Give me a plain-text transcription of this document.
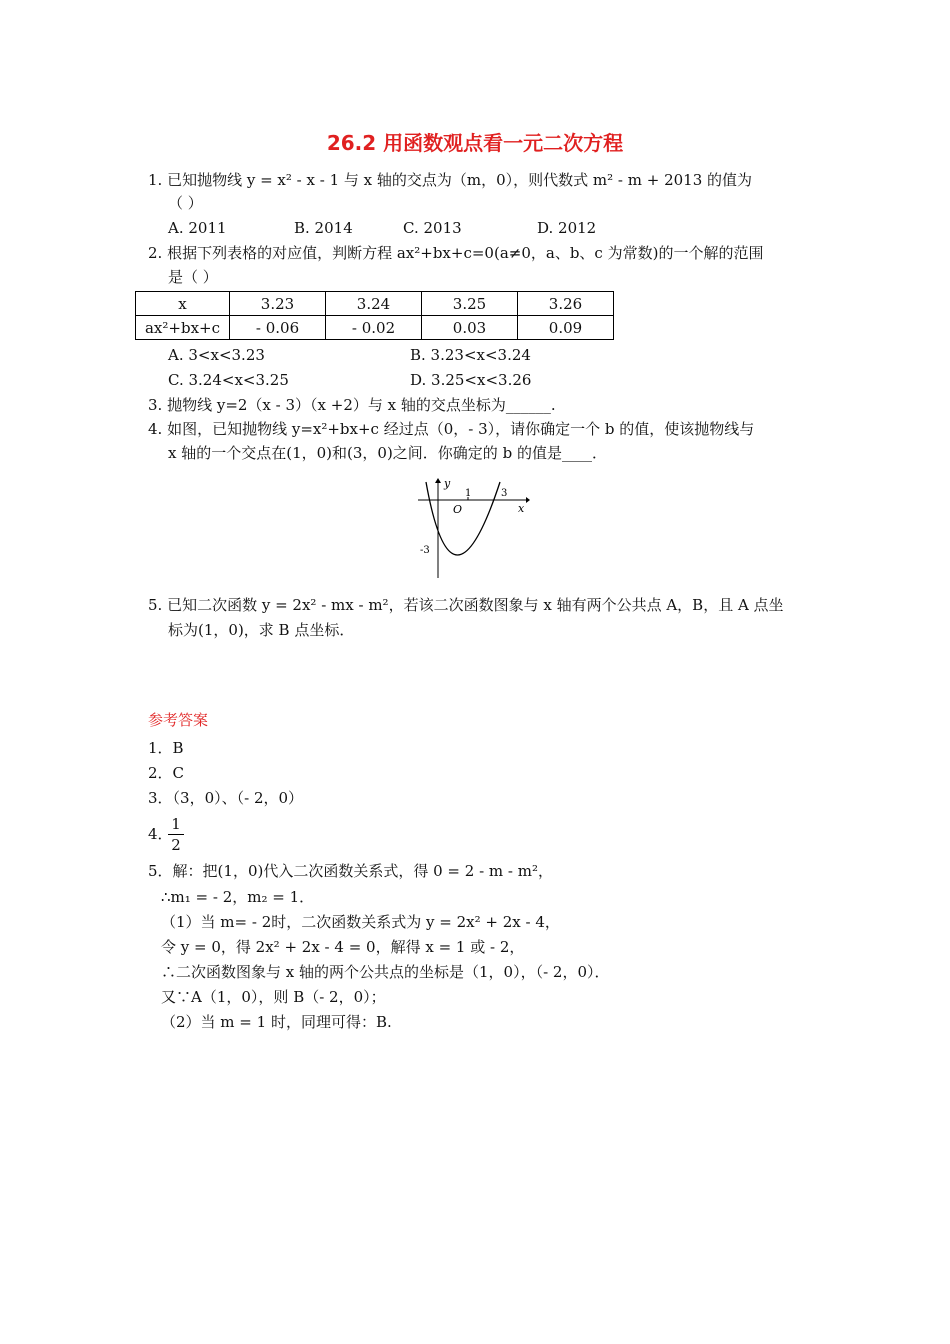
26.2 用函数观点看一元二次方程
1. 已知抛物线 y = x² - x - 1 与 x 轴的交点为（m，0），则代数式 m² - m + 2013 的值为
（ ）
A. 2011	B. 2014	C. 2013	D. 2012
2. 根据下列表格的对应值，判断方程 ax²+bx+c=0(a≠0，a、b、c 为常数)的一个解的范围
是（ ）
x	3.23	3.24	3.25	3.26
ax²+bx+c	- 0.06	- 0.02	0.03	0.09
A. 3<x<3.23	B. 3.23<x<3.24
C. 3.24<x<3.25	D. 3.25<x<3.26
3. 抛物线 y=2（x - 3）（x +2）与 x 轴的交点坐标为______.
4. 如图，已知抛物线 y=x²+bx+c 经过点（0，- 3），请你确定一个 b 的值，使该抛物线与
x 轴的一个交点在(1，0)和(3，0)之间．你确定的 b 的值是____．
y
x
O
1	3
-3
5. 已知二次函数 y = 2x² - mx - m²，若该二次函数图象与 x 轴有两个公共点 A，B，且 A 点坐
标为(1，0)，求 B 点坐标．
参考答案
1．B
2．C
3．（3，0）、（- 2，0）
4．
1
2
5．解：把(1，0)代入二次函数关系式，得 0 = 2 - m - m²，
∴m₁ = - 2，m₂ = 1．
（1）当 m= - 2时，二次函数关系式为 y = 2x² + 2x - 4，
令 y = 0，得 2x² + 2x - 4 = 0，解得 x = 1 或 - 2，
∴二次函数图象与 x 轴的两个公共点的坐标是（1，0），（- 2，0）．
又∵A（1，0），则 B（- 2，0）；
（2）当 m = 1 时，同理可得：B.
